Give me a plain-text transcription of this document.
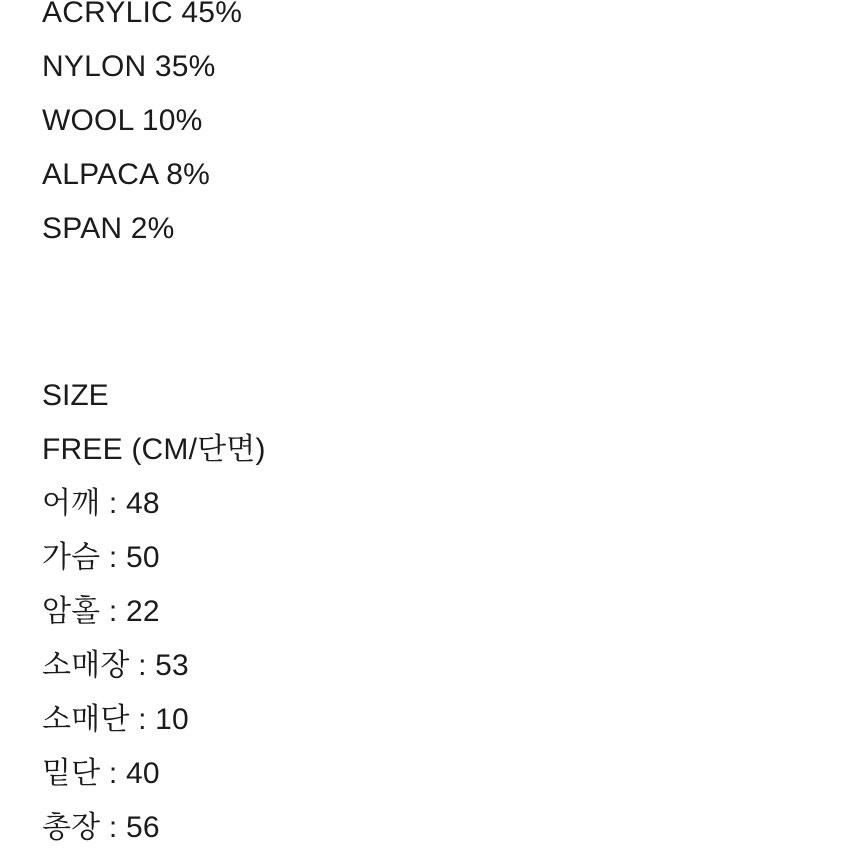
ACRYLIC 45%
NYLON 35%
WOOL 10%
ALPACA 8%
SPAN 2%
SIZE
FREE (CM/단면)
어깨 : 48
가슴 : 50
암홀 : 22
소매장 : 53
소매단 : 10
밑단 : 40
총장 : 56
